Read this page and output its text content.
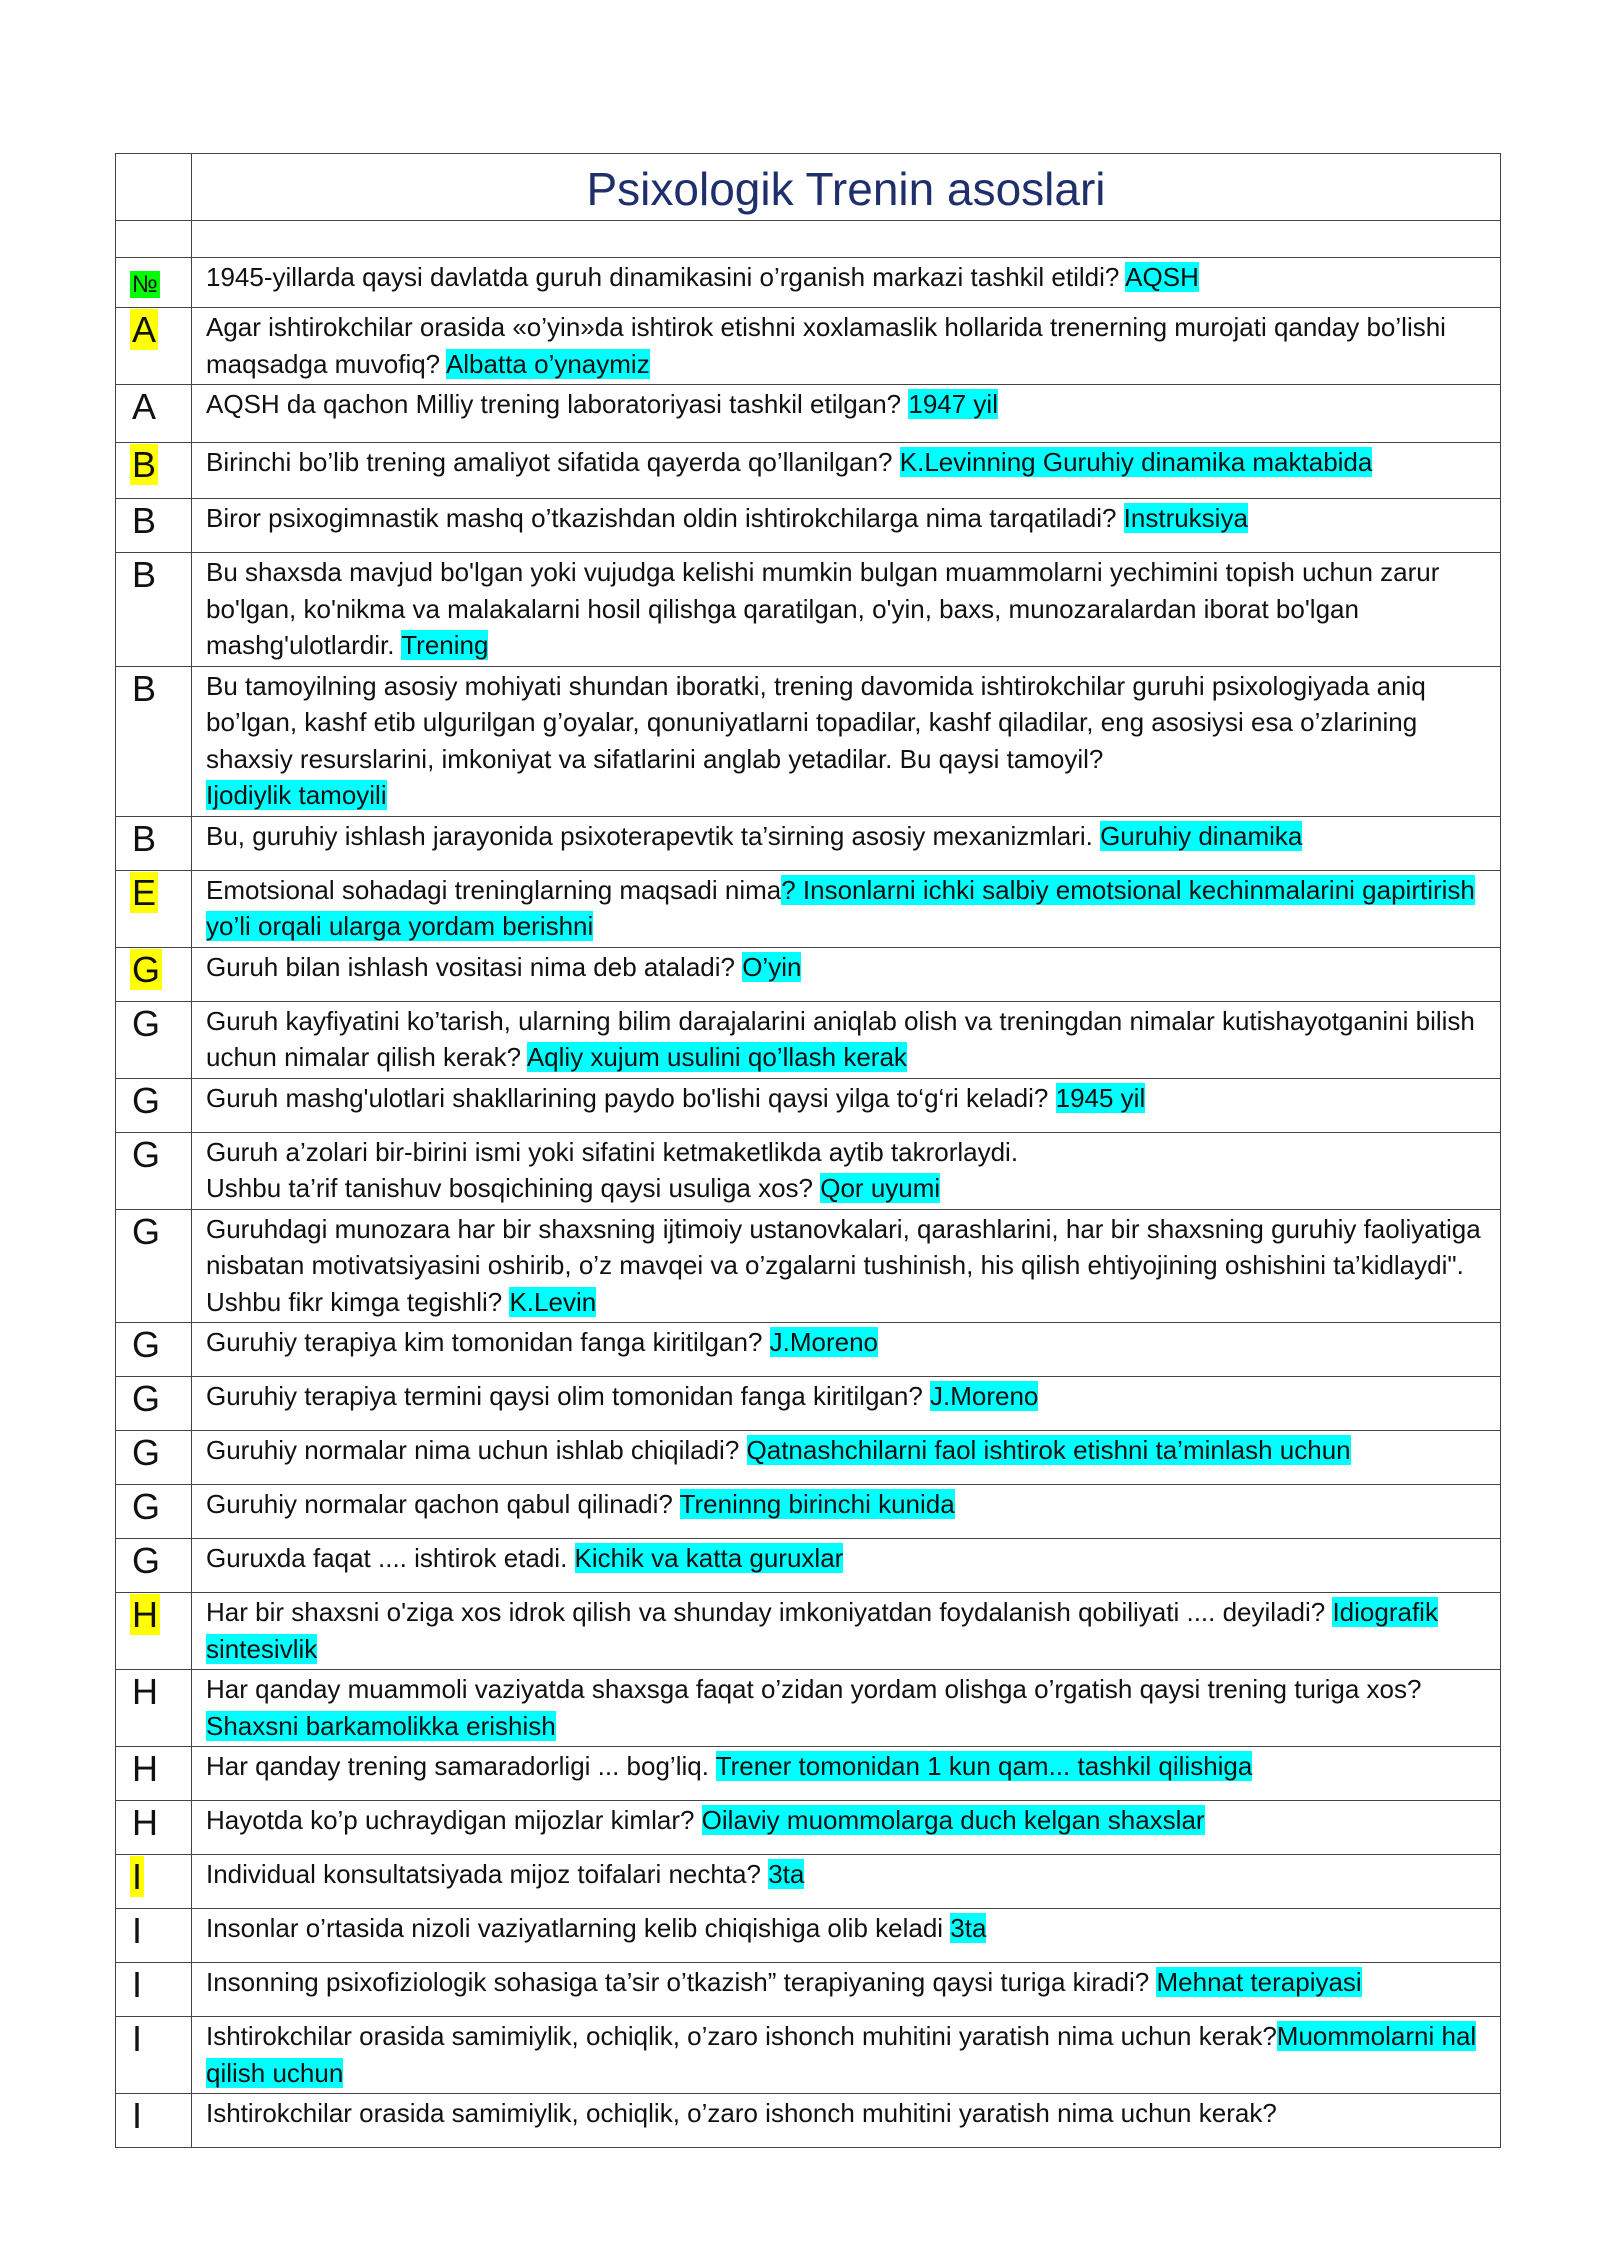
	Psixologik Trenin asoslari

№	1945-yillarda qaysi davlatda guruh dinamikasini o’rganish markazi tashkil etildi? AQSH
A	Agar ishtirokchilar orasida «o’yin»da ishtirok etishni xoxlamaslik hollarida trenerning murojati qanday bo’lishi maqsadga muvofiq? Albatta o’ynaymiz
A	AQSH da qachon Milliy trening laboratoriyasi tashkil etilgan? 1947 yil
B	Birinchi bo’lib trening amaliyot sifatida qayerda qo’llanilgan? K.Levinning Guruhiy dinamika maktabida
B	Biror psixogimnastik mashq o’tkazishdan oldin ishtirokchilarga nima tarqatiladi? Instruksiya
B	Bu shaxsda mavjud bo'lgan yoki vujudga kelishi mumkin bulgan muammolarni yechimini topish uchun zarur bo'lgan, ko'nikma va malakalarni hosil qilishga qaratilgan, o'yin, baxs, munozaralardan iborat bo'lgan mashg'ulotlardir. Trening
B	Bu tamoyilning asosiy mohiyati shundan iboratki, trening davomida ishtirokchilar guruhi psixologiyada aniq bo’lgan, kashf etib ulgurilgan g’oyalar, qonuniyatlarni topadilar, kashf qiladilar, eng asosiysi esa o’zlarining shaxsiy resurslarini, imkoniyat va sifatlarini anglab yetadilar. Bu qaysi tamoyil?
Ijodiylik tamoyili
B	Bu, guruhiy ishlash jarayonida psixoterapevtik ta’sirning asosiy mexanizmlari. Guruhiy dinamika
E	Emotsional sohadagi treninglarning maqsadi nima? Insonlarni ichki salbiy emotsional kechinmalarini gapirtirish yo’li orqali ularga yordam berishni
G	Guruh bilan ishlash vositasi nima deb ataladi? O’yin
G	Guruh kayfiyatini ko’tarish, ularning bilim darajalarini aniqlab olish va treningdan nimalar kutishayotganini bilish uchun nimalar qilish kerak? Aqliy xujum usulini qo’llash kerak
G	Guruh mashg'ulotlari shakllarining paydo bo'lishi qaysi yilga to‘g‘ri keladi? 1945 yil
G	Guruh a’zolari bir-birini ismi yoki sifatini ketmaketlikda aytib takrorlaydi.
Ushbu ta’rif tanishuv bosqichining qaysi usuliga xos? Qor uyumi
G	Guruhdagi munozara har bir shaxsning ijtimoiy ustanovkalari, qarashlarini, har bir shaxsning guruhiy faoliyatiga nisbatan motivatsiyasini oshirib, o’z mavqei va o’zgalarni tushinish, his qilish ehtiyojining oshishini ta’kidlaydi". Ushbu fikr kimga tegishli? K.Levin
G	Guruhiy terapiya kim tomonidan fanga kiritilgan? J.Moreno
G	Guruhiy terapiya termini qaysi olim tomonidan fanga kiritilgan? J.Moreno
G	Guruhiy normalar nima uchun ishlab chiqiladi? Qatnashchilarni faol ishtirok etishni ta’minlash uchun
G	Guruhiy normalar qachon qabul qilinadi? Treninng birinchi kunida
G	Guruxda faqat .... ishtirok etadi. Kichik va katta guruxlar
H	Har bir shaxsni o'ziga xos idrok qilish va shunday imkoniyatdan foydalanish qobiliyati .... deyiladi? Idiografik sintesivlik
H	Har qanday muammoli vaziyatda shaxsga faqat o’zidan yordam olishga o’rgatish qaysi trening turiga xos? Shaxsni barkamolikka erishish
H	Har qanday trening samaradorligi ... bog’liq. Trener tomonidan 1 kun qam... tashkil qilishiga
H	Hayotda ko’p uchraydigan mijozlar kimlar? Oilaviy muommolarga duch kelgan shaxslar
I	Individual konsultatsiyada mijoz toifalari nechta? 3ta
I	Insonlar o’rtasida nizoli vaziyatlarning kelib chiqishiga olib keladi 3ta
I	Insonning psixofiziologik sohasiga ta’sir o’tkazish” terapiyaning qaysi turiga kiradi? Mehnat terapiyasi
I	Ishtirokchilar orasida samimiylik, ochiqlik, o’zaro ishonch muhitini yaratish nima uchun kerak?Muommolarni hal qilish uchun
I	Ishtirokchilar orasida samimiylik, ochiqlik, o’zaro ishonch muhitini yaratish nima uchun kerak?
